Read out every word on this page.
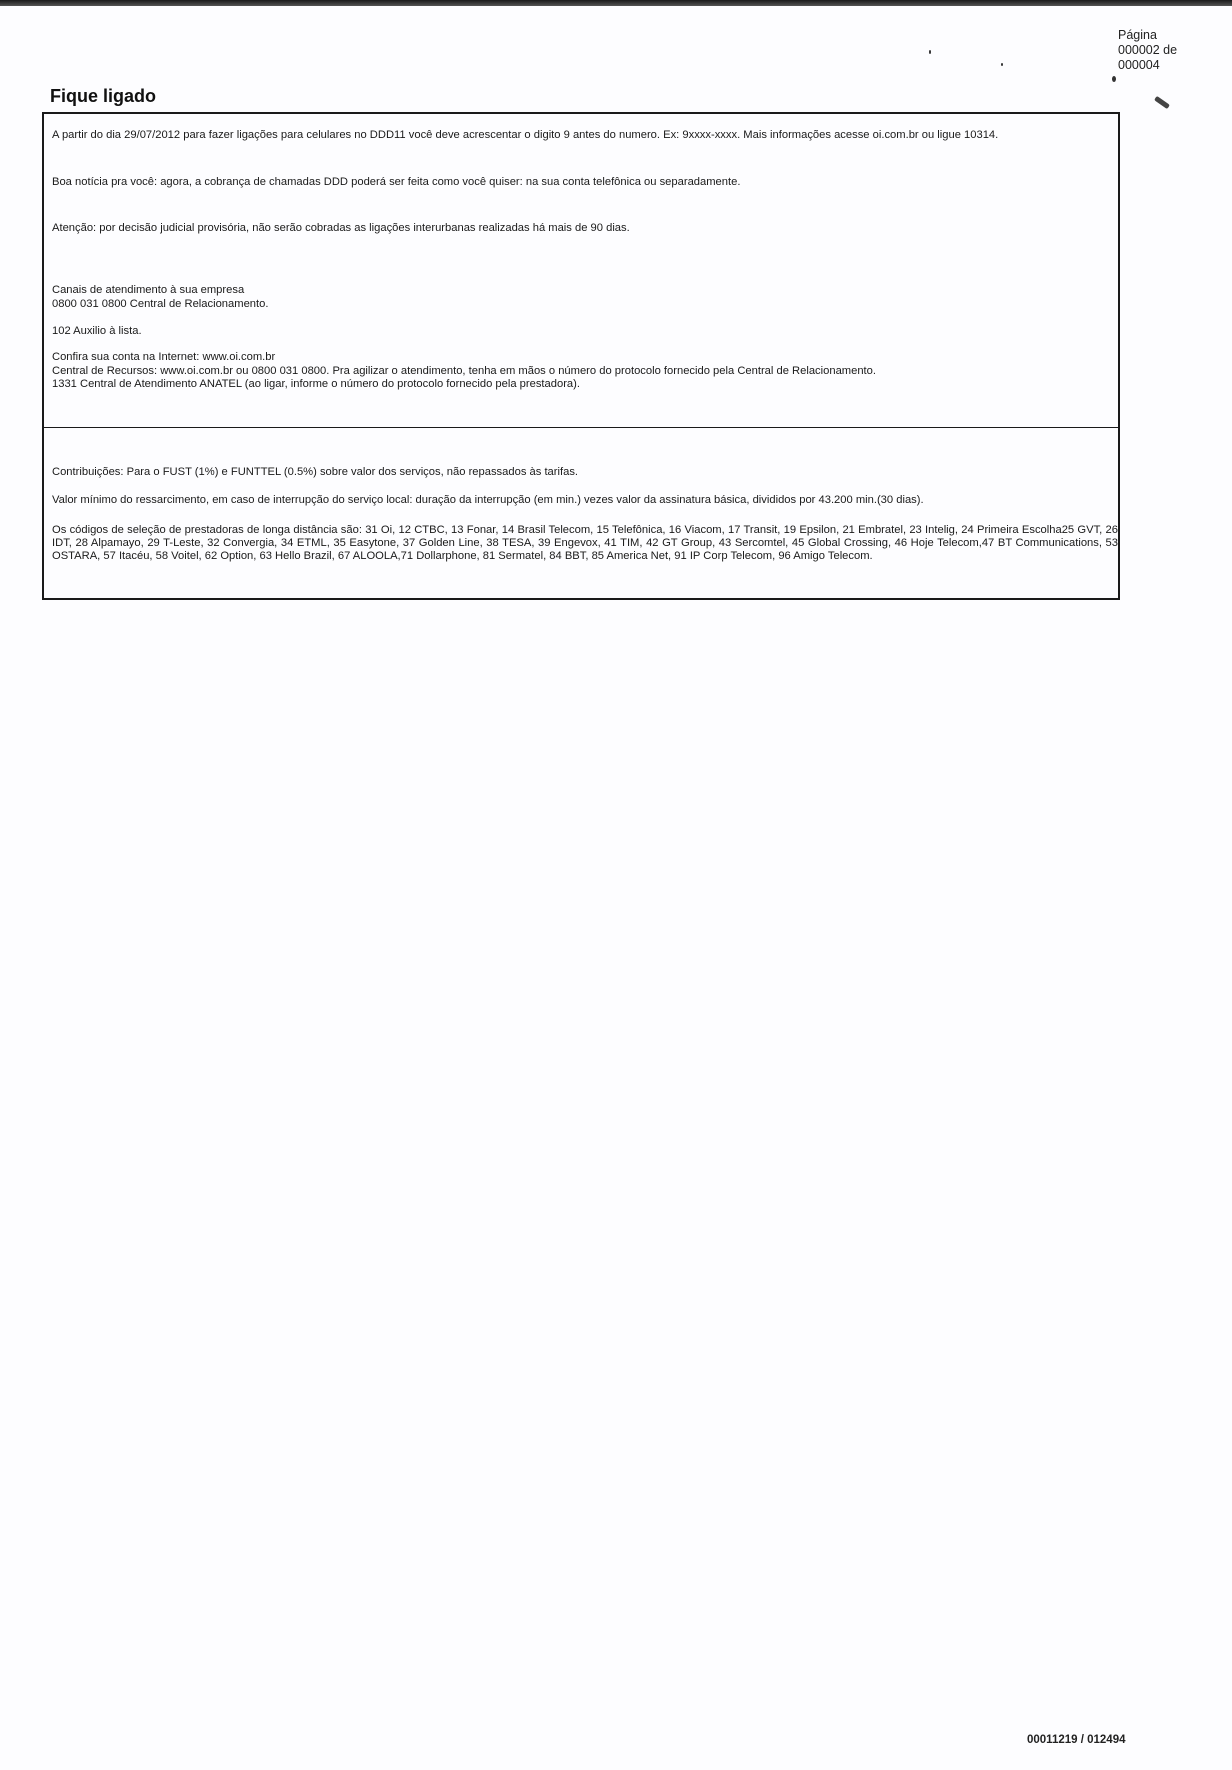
Página
000002 de
000004
Fique ligado

A partir do dia 29/07/2012 para fazer ligações para celulares no DDD11 você deve acrescentar o digito 9 antes do numero. Ex: 9xxxx-xxxx. Mais informações acesse oi.com.br ou ligue 10314.

Boa notícia pra você: agora, a cobrança de chamadas DDD poderá ser feita como você quiser: na sua conta telefônica ou separadamente.

Atenção: por decisão judicial provisória, não serão cobradas as ligações interurbanas realizadas há mais de 90 dias.

Canais de atendimento à sua empresa

0800 031 0800 Central de Relacionamento.

102 Auxilio à lista.

Confira sua conta na Internet: www.oi.com.br

Central de Recursos: www.oi.com.br ou 0800 031 0800. Pra agilizar o atendimento, tenha em mãos o número do protocolo fornecido pela Central de Relacionamento.

1331 Central de Atendimento ANATEL (ao ligar, informe o número do protocolo fornecido pela prestadora).

Contribuições: Para o FUST (1%) e FUNTTEL (0.5%) sobre valor dos serviços, não repassados às tarifas.

Valor mínimo do ressarcimento, em caso de interrupção do serviço local: duração da interrupção (em min.) vezes valor da assinatura básica, divididos por 43.200 min.(30 dias).

Os códigos de seleção de prestadoras de longa distância são: 31 Oi, 12 CTBC, 13 Fonar, 14 Brasil Telecom, 15 Telefônica, 16 Viacom, 17 Transit, 19 Epsilon, 21 Embratel, 23 Intelig, 24 Primeira Escolha25 GVT, 26 IDT, 28 Alpamayo, 29 T-Leste, 32 Convergia, 34 ETML, 35 Easytone, 37 Golden Line, 38 TESA, 39 Engevox, 41 TIM, 42 GT Group, 43 Sercomtel, 45 Global Crossing, 46 Hoje Telecom,47 BT Communications, 53 OSTARA, 57 Itacéu, 58 Voitel, 62 Option, 63 Hello Brazil, 67 ALOOLA,71 Dollarphone, 81 Sermatel, 84 BBT, 85 America Net, 91 IP Corp Telecom, 96 Amigo Telecom.

00011219 / 012494
